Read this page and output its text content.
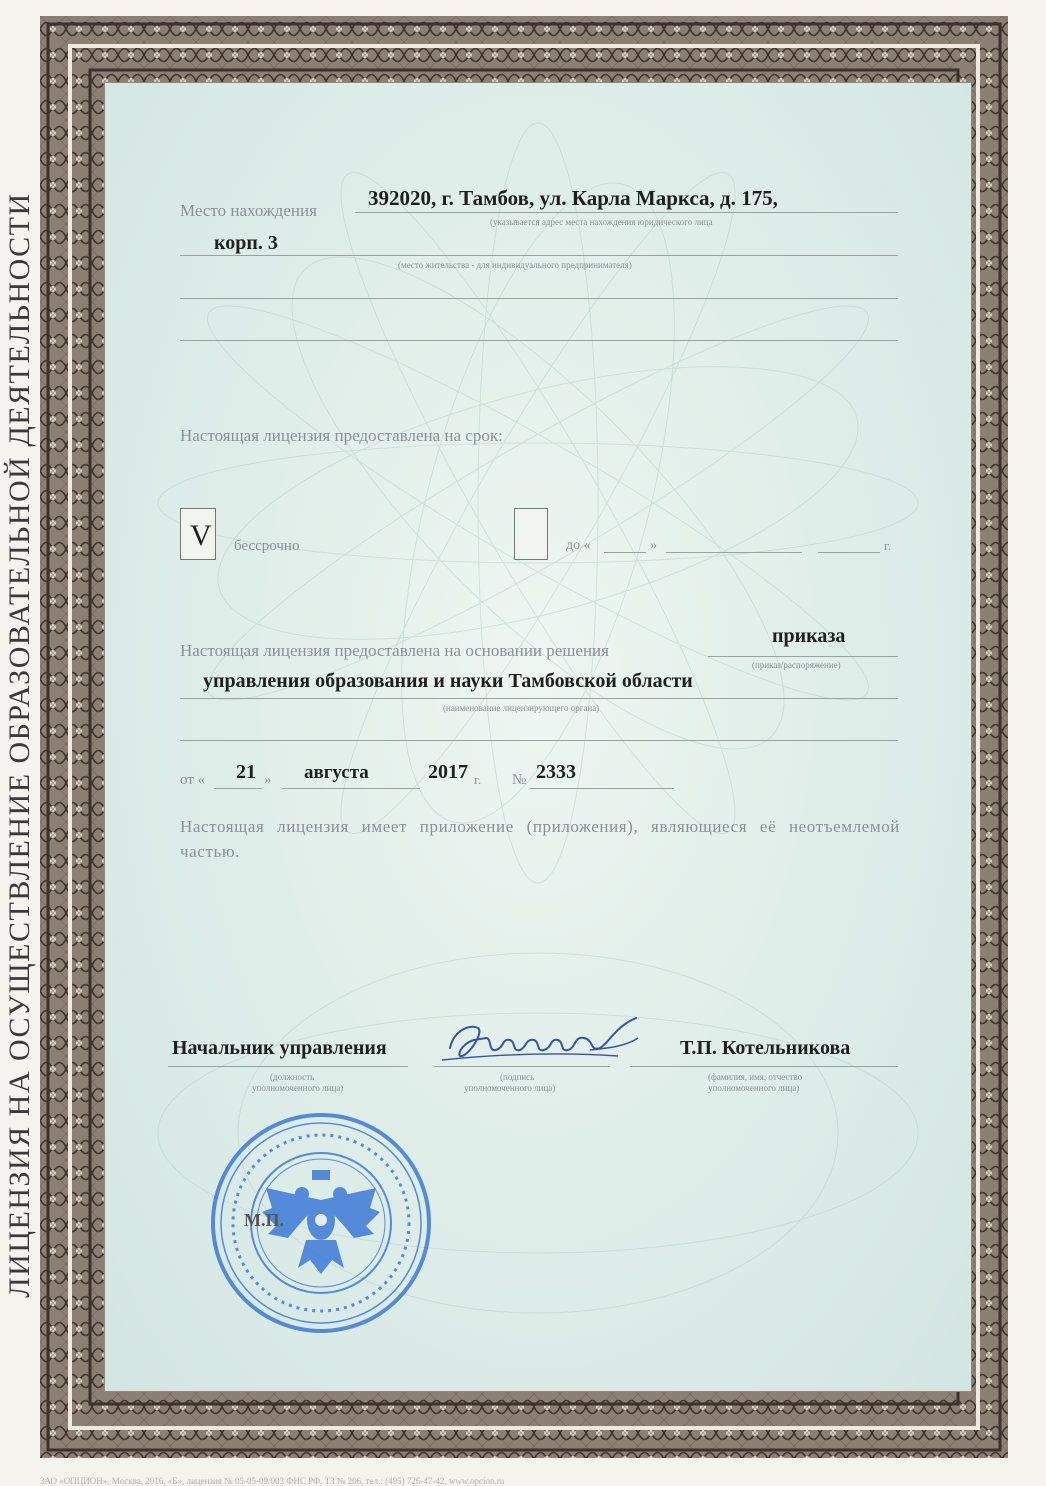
ЛИЦЕНЗИЯ НА ОСУЩЕСТВЛЕНИЕ ОБРАЗОВАТЕЛЬНОЙ ДЕЯТЕЛЬНОСТИ	Место нахождения
392020, г. Тамбов, ул. Карла Маркса, д. 175,
(указывается адрес места нахождения юридического лица
корп. 3
(место жительства - для индивидуального предпринимателя)
Настоящая лицензия предоставлена на срок:
V бессрочно	до «	»	г.
Настоящая лицензия предоставлена на основании решения
приказа
(приказ/распоряжение)
управления образования и науки Тамбовской области
(наименование лицензирующего органа)
от « 21 » августа	2017 г. № 2333
Настоящая лицензия имеет приложение (приложения), являющиеся её неотъемлемой частью.
Начальник управления
(должность
уполномоченного лица)
(подпись
уполномоченного лица)
Т.П. Котельникова
(фамилия, имя, отчество
уполномоченного лица)
М.П.
ЗАО «ОПЦИОН», Москва, 2016, «Б», лицензия № 05-05-09/003 ФНС РФ, ТЗ № 206, тел.: (495) 726-47-42, www.opcion.ru
